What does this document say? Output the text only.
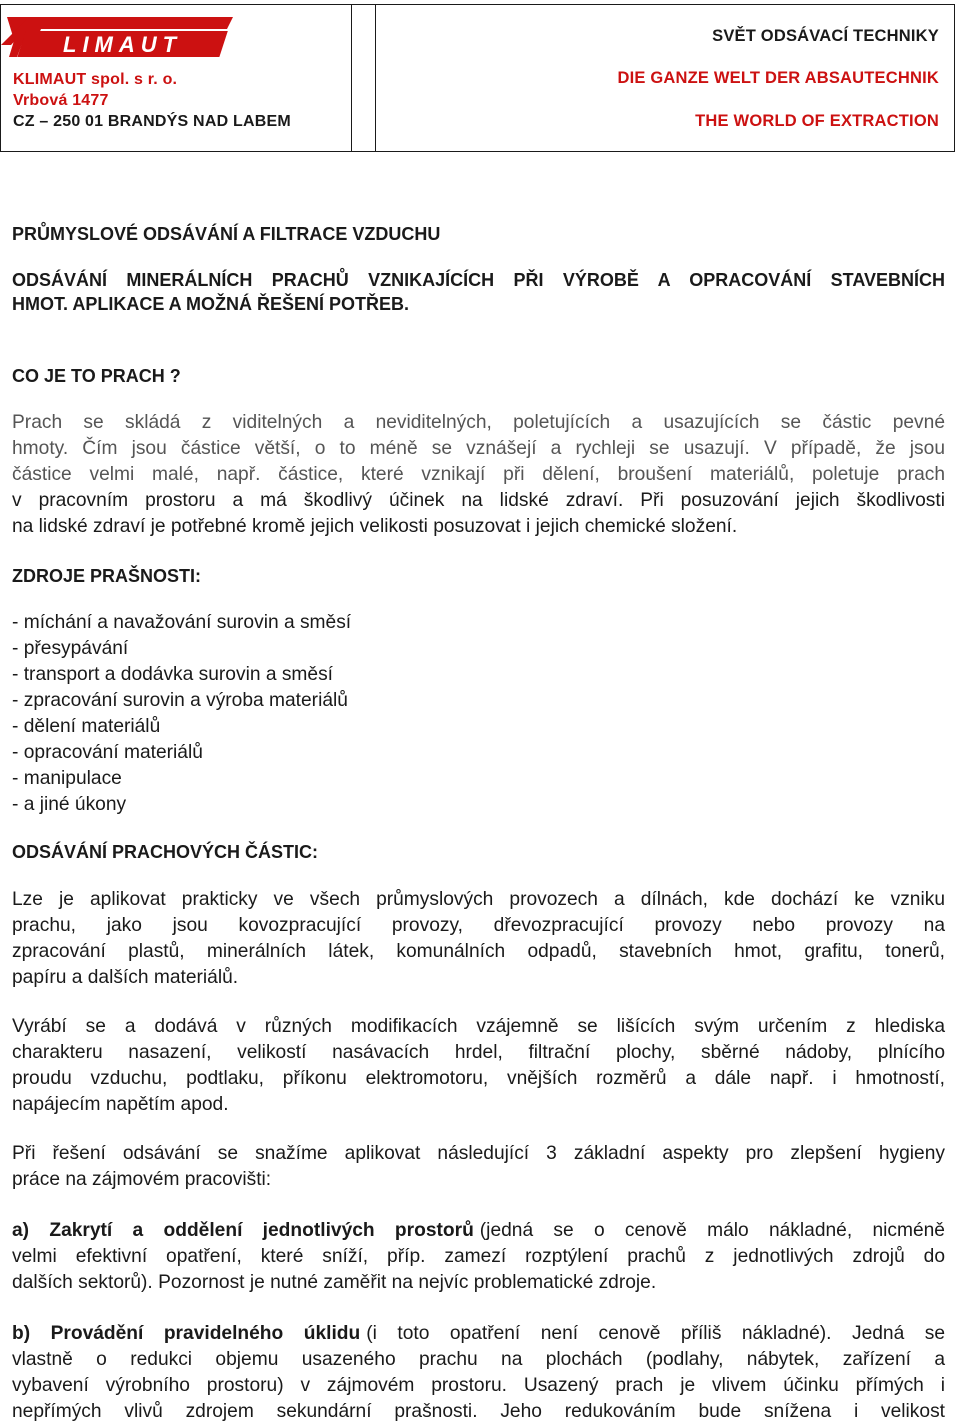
LIMAUT
KLIMAUT spol. s r. o.
Vrbová 1477
CZ – 250 01 BRANDÝS NAD LABEM
SVĚT ODSÁVACÍ TECHNIKY
DIE GANZE WELT DER ABSAUTECHNIK
THE WORLD OF EXTRACTION
PRŮMYSLOVÉ ODSÁVÁNÍ A FILTRACE VZDUCHU
ODSÁVÁNÍ MINERÁLNÍCH PRACHŮ VZNIKAJÍCÍCH PŘI VÝROBĚ A OPRACOVÁNÍ STAVEBNÍCH
HMOT. APLIKACE A MOŽNÁ ŘEŠENÍ POTŘEB.
CO JE TO PRACH ?
Prach se skládá z viditelných a neviditelných, poletujících a usazujících se částic pevné
hmoty. Čím jsou částice větší, o to méně se vznášejí a rychleji se usazují. V případě, že jsou
částice velmi malé, např. částice, které vznikají při dělení, broušení materiálů, poletuje prach
v pracovním prostoru a má škodlivý účinek na lidské zdraví. Při posuzování jejich škodlivosti
na lidské zdraví je potřebné kromě jejich velikosti posuzovat i jejich chemické složení.
ZDROJE PRAŠNOSTI:
- míchání a navažování surovin a směsí
- přesypávání
- transport a dodávka surovin a směsí
- zpracování surovin a výroba materiálů
- dělení materiálů
- opracování materiálů
- manipulace
- a jiné úkony
ODSÁVÁNÍ PRACHOVÝCH ČÁSTIC:
Lze je aplikovat prakticky ve všech průmyslových provozech a dílnách, kde dochází ke vzniku
prachu, jako jsou kovozpracující provozy, dřevozpracující provozy nebo provozy na
zpracování plastů, minerálních látek, komunálních odpadů, stavebních hmot, grafitu, tonerů,
papíru a dalších materiálů.
Vyrábí se a dodává v různých modifikacích vzájemně se lišících svým určením z hlediska
charakteru nasazení, velikostí nasávacích hrdel, filtrační plochy, sběrné nádoby, plnícího
proudu vzduchu, podtlaku, příkonu elektromotoru, vnějších rozměrů a dále např. i hmotností,
napájecím napětím apod.
Při řešení odsávání se snažíme aplikovat následující 3 základní aspekty pro zlepšení hygieny
práce na zájmovém pracovišti:
a) Zakrytí a oddělení jednotlivých prostorů (jedná se o cenově málo nákladné, nicméně
velmi efektivní opatření, které sníží, příp. zamezí rozptýlení prachů z jednotlivých zdrojů do
dalších sektorů). Pozornost je nutné zaměřit na nejvíc problematické zdroje.
b) Provádění pravidelného úklidu (i toto opatření není cenově příliš nákladné). Jedná se
vlastně o redukci objemu usazeného prachu na plochách (podlahy, nábytek, zařízení a
vybavení výrobního prostoru) v zájmovém prostoru. Usazený prach je vlivem účinku přímých i
nepřímých vlivů zdrojem sekundární prašnosti. Jeho redukováním bude snížena i velikost
